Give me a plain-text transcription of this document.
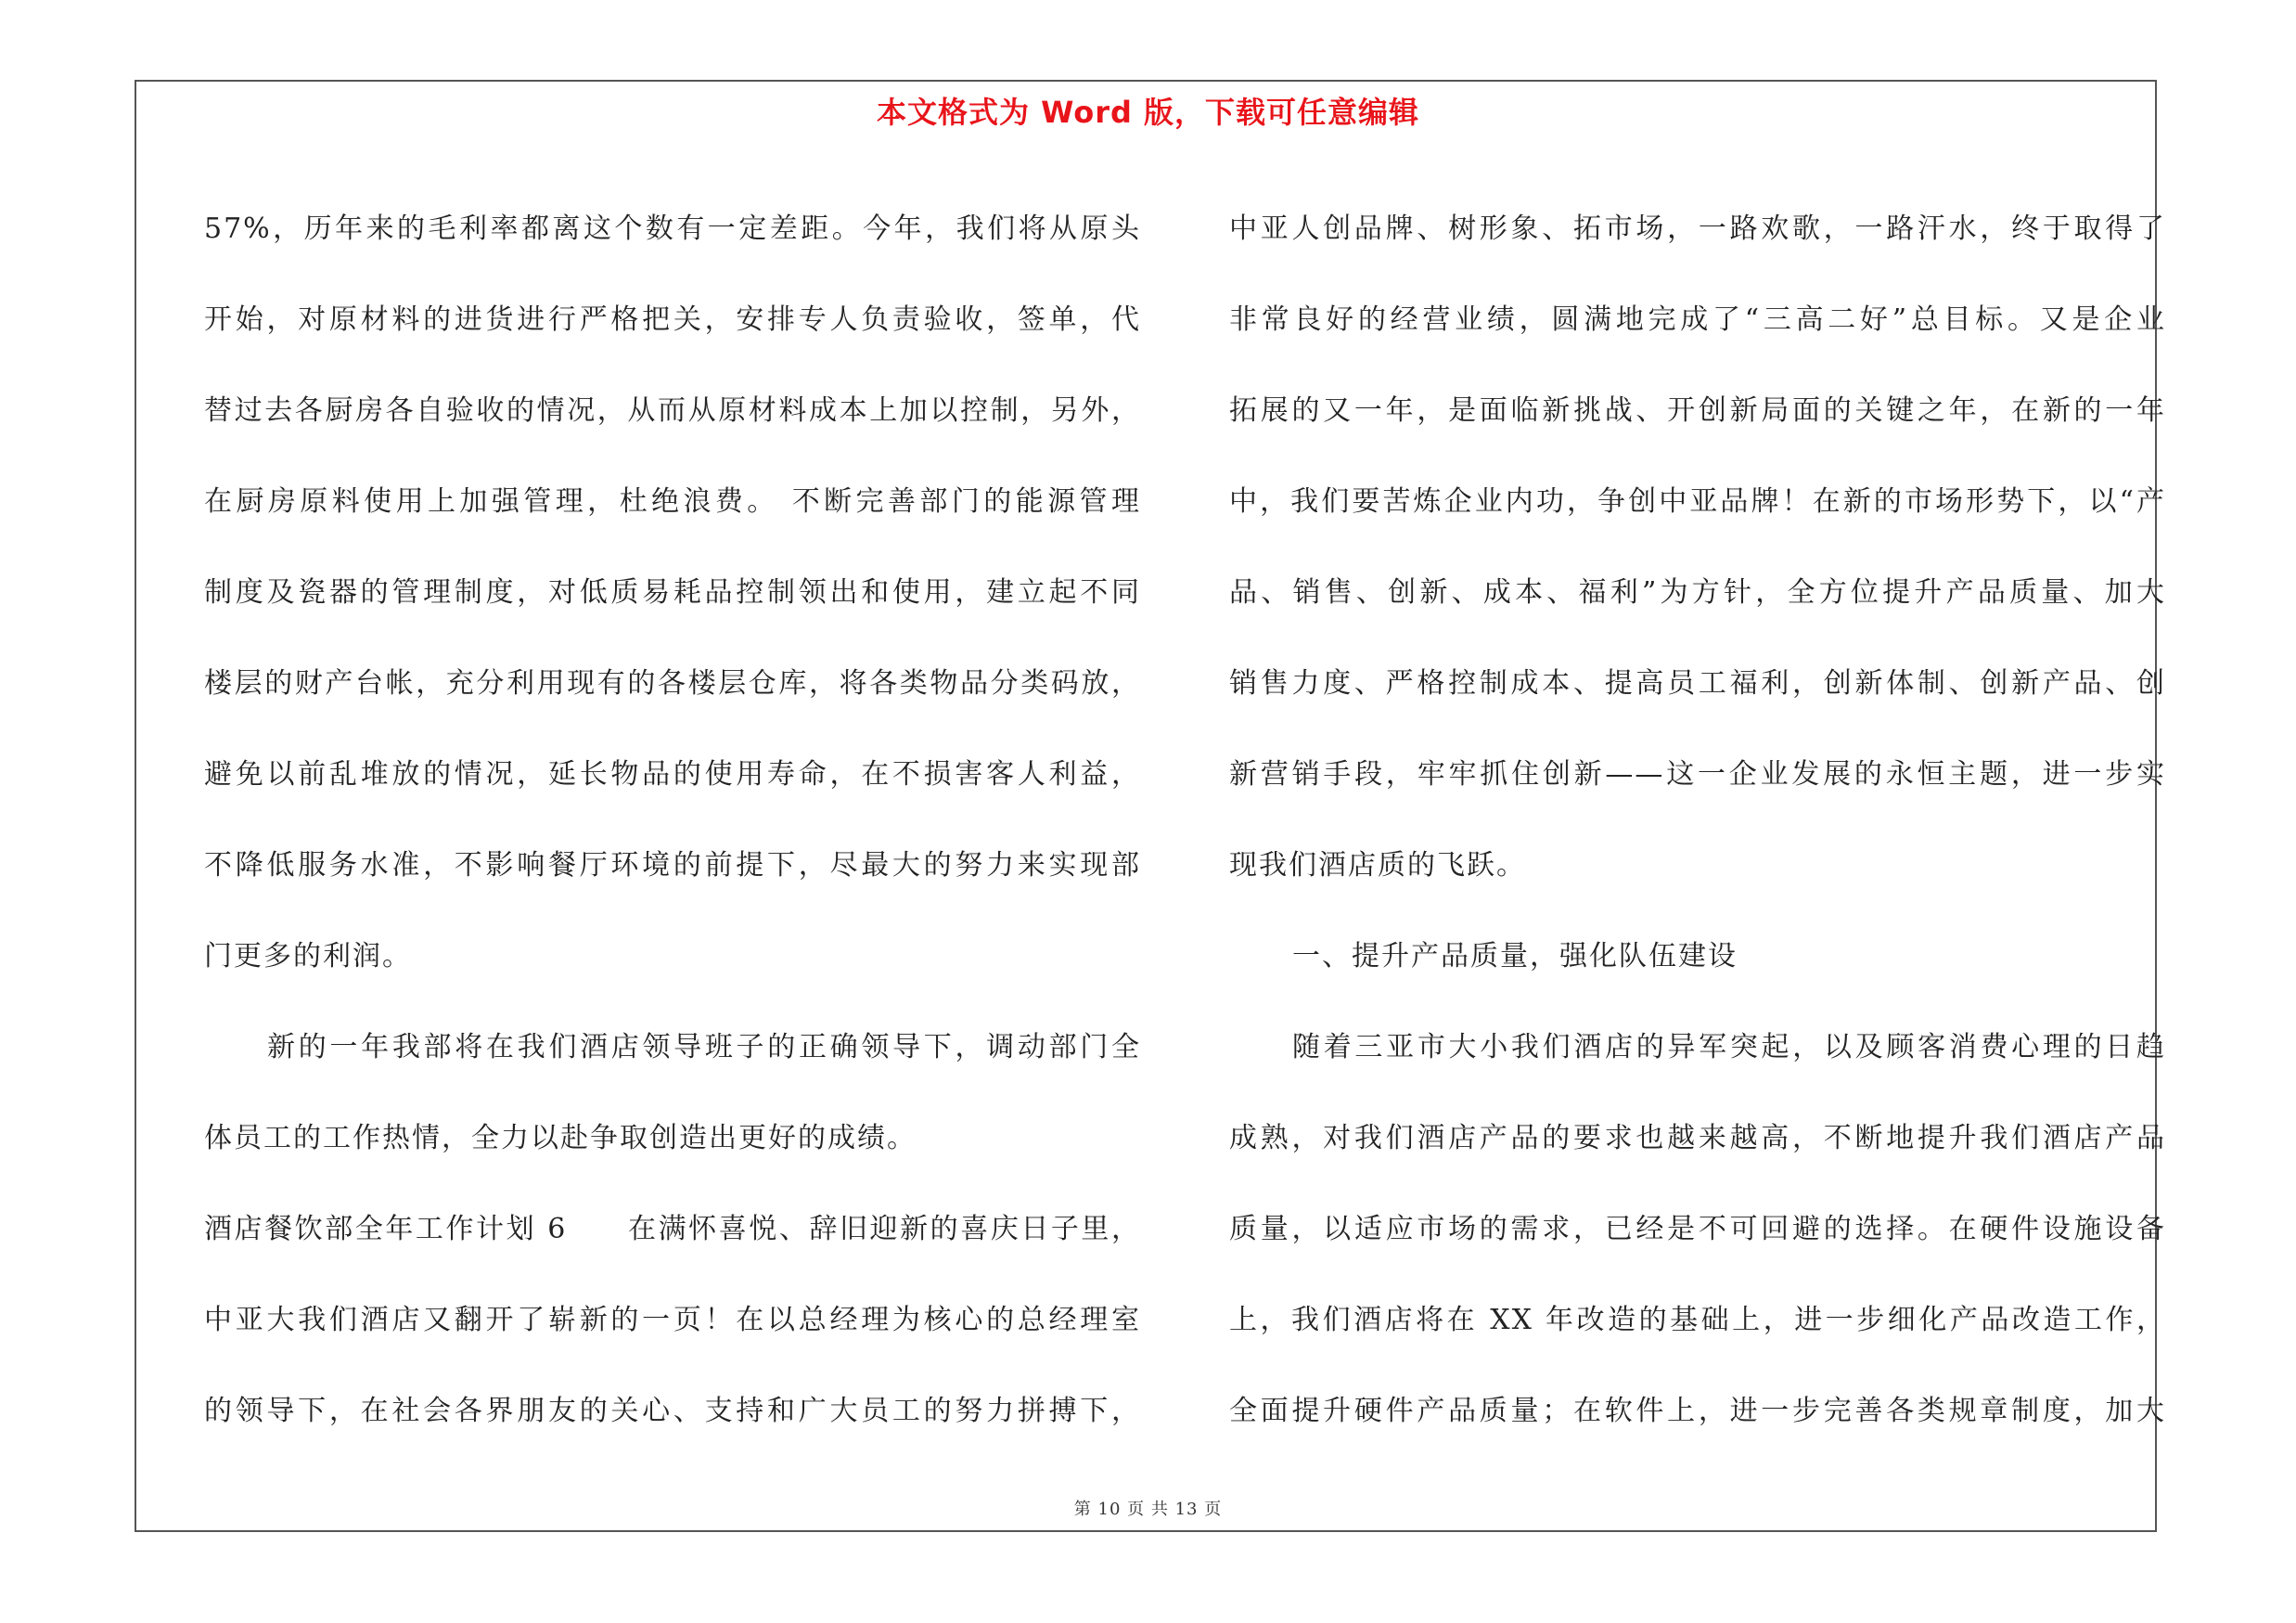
本文格式为 Word 版，下载可任意编辑
57%，历年来的毛利率都离这个数有一定差距。今年，我们将从原头
开始，对原材料的进货进行严格把关，安排专人负责验收，签单，代
替过去各厨房各自验收的情况，从而从原材料成本上加以控制，另外，
在厨房原料使用上加强管理，杜绝浪费。 不断完善部门的能源管理
制度及瓷器的管理制度，对低质易耗品控制领出和使用，建立起不同
楼层的财产台帐，充分利用现有的各楼层仓库，将各类物品分类码放，
避免以前乱堆放的情况，延长物品的使用寿命，在不损害客人利益，
不降低服务水准，不影响餐厅环境的前提下，尽最大的努力来实现部
门更多的利润。
新的一年我部将在我们酒店领导班子的正确领导下，调动部门全
体员工的工作热情，全力以赴争取创造出更好的成绩。
酒店餐饮部全年工作计划 6　　在满怀喜悦、辞旧迎新的喜庆日子里，
中亚大我们酒店又翻开了崭新的一页！在以总经理为核心的总经理室
的领导下，在社会各界朋友的关心、支持和广大员工的努力拼搏下，
中亚人创品牌、树形象、拓市场，一路欢歌，一路汗水，终于取得了
非常良好的经营业绩，圆满地完成了“三高二好”总目标。又是企业
拓展的又一年，是面临新挑战、开创新局面的关键之年，在新的一年
中，我们要苦炼企业内功，争创中亚品牌！在新的市场形势下，以“产
品、销售、创新、成本、福利”为方针，全方位提升产品质量、加大
销售力度、严格控制成本、提高员工福利，创新体制、创新产品、创
新营销手段，牢牢抓住创新——这一企业发展的永恒主题，进一步实
现我们酒店质的飞跃。
一、提升产品质量，强化队伍建设
随着三亚市大小我们酒店的异军突起，以及顾客消费心理的日趋
成熟，对我们酒店产品的要求也越来越高，不断地提升我们酒店产品
质量，以适应市场的需求，已经是不可回避的选择。在硬件设施设备
上，我们酒店将在 XX 年改造的基础上，进一步细化产品改造工作，
全面提升硬件产品质量；在软件上，进一步完善各类规章制度，加大
第 10 页 共 13 页
